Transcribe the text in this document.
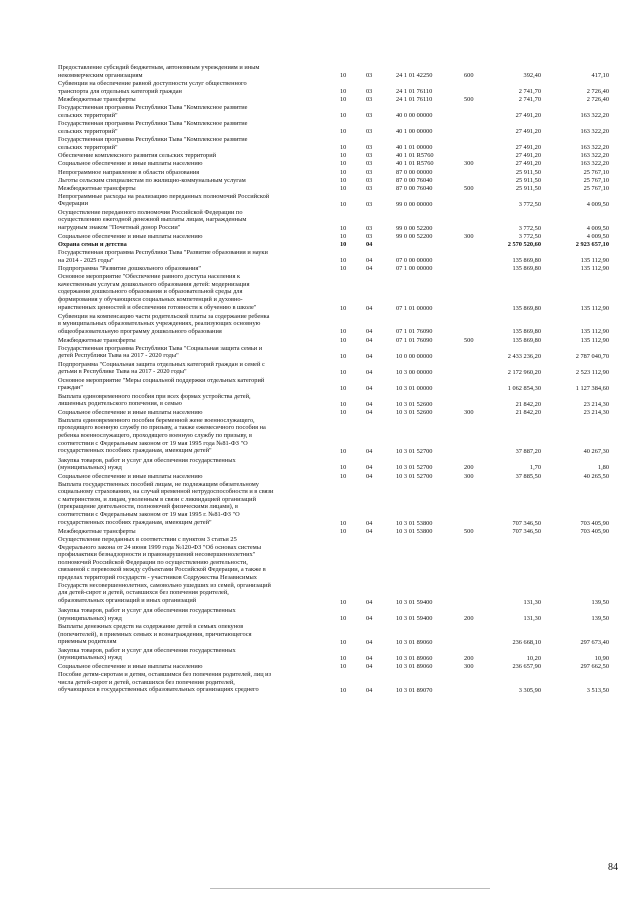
Предоставление субсидий бюджетным, автономным учреждениям и иным
некоммерческим организациям	10	03	24 1 01 42250	600	392,40	417,10
Субвенции на обеспечение равной доступности услуг общественного
транспорта для отдельных категорий граждан	10	03	24 1 01 76110	2 741,70	2 726,40
Межбюджетные трансферты	10	03	24 1 01 76110	500	2 741,70	2 726,40
Государственная программа Республики Тыва "Комплексное развитие
сельских территорий"	10	03	40 0 00 00000	27 491,20	163 322,20
Государственная программа Республики Тыва "Комплексное развитие
сельских территорий"	10	03	40 1 00 00000	27 491,20	163 322,20
Государственная программа Республики Тыва "Комплексное развитие
сельских территорий"	10	03	40 1 01 00000	27 491,20	163 322,20
Обеспечение комплексного развития сельских территорий	10	03	40 1 01 R5760	27 491,20	163 322,20
Социальное обеспечение и иные выплаты населению	10	03	40 1 01 R5760	300	27 491,20	163 322,20
Непрограммное направление в области образования	10	03	87 0 00 00000	25 911,50	25 767,10
Льготы сельским специалистам по жилищно-коммунальным услугам	10	03	87 0 00 76040	25 911,50	25 767,10
Межбюджетные трансферты	10	03	87 0 00 76040	500	25 911,50	25 767,10
Непрограммные расходы на реализацию переданных полномочий Российской
Федерации	10	03	99 0 00 00000	3 772,50	4 009,50
Осуществление переданного полномочия Российской Федерации по
осуществлению ежегодной денежной выплаты лицам, награжденным
нагрудным знаком "Почетный донор России"	10	03	99 0 00 52200	3 772,50	4 009,50
Социальное обеспечение и иные выплаты населению	10	03	99 0 00 52200	300	3 772,50	4 009,50
Охрана семьи и детства	10	04	2 570 520,60	2 923 657,10
Государственная программа Республики Тыва "Развитие образования и науки
на 2014 - 2025 годы"	10	04	07 0 00 00000	135 869,80	135 112,90
Подпрограмма "Развитие дошкольного образования"	10	04	07 1 00 00000	135 869,80	135 112,90
Основное мероприятие "Обеспечение равного доступа населения к
качественным услугам дошкольного образования детей: модернизация
содержания дошкольного образования и образовательной среды для
формирования у обучающихся социальных компетенций и духовно-
нравственных ценностей и обеспечения готовности к обучению в школе"	10	04	07 1 01 00000	135 869,80	135 112,90
Субвенции на компенсацию части родительской платы за содержание ребенка
в муниципальных образовательных учреждениях, реализующих основную
общеобразовательную программу дошкольного образования	10	04	07 1 01 76090	135 869,80	135 112,90
Межбюджетные трансферты	10	04	07 1 01 76090	500	135 869,80	135 112,90
Государственная программа Республики Тыва "Социальная защита семьи и
детей Республики Тыва на 2017 - 2020 годы"	10	04	10 0 00 00000	2 433 236,20	2 787 040,70
Подпрограмма "Социальная защита отдельных категорий граждан и семей с
детьми в Республике Тыва на 2017 - 2020 годы"	10	04	10 3 00 00000	2 172 960,20	2 523 112,90
Основное мероприятие "Меры социальной поддержки отдельных категорий
граждан"	10	04	10 3 01 00000	1 062 854,30	1 127 384,60
Выплата единовременного пособия при всех формах устройства детей,
лишенных родительского попечения, в семью	10	04	10 3 01 52600	21 842,20	23 214,30
Социальное обеспечение и иные выплаты населению	10	04	10 3 01 52600	300	21 842,20	23 214,30
Выплата единовременного пособия беременной жене военнослужащего,
проходящего военную службу по призыву, а также ежемесячного пособия на
ребенка военнослужащего, проходящего военную службу по призыву, в
соответствии с Федеральным законом от 19 мая 1995 года №81-ФЗ "О
государственных пособиях гражданам, имеющим детей"	10	04	10 3 01 52700	37 887,20	40 267,30
Закупка товаров, работ и услуг для обеспечения государственных
(муниципальных) нужд	10	04	10 3 01 52700	200	1,70	1,80
Социальное обеспечение и иные выплаты населению	10	04	10 3 01 52700	300	37 885,50	40 265,50
Выплата государственных пособий лицам, не подлежащим обязательному
социальному страхованию, на случай временной нетрудоспособности и в связи
с материнством, и лицам, уволенным в связи с ликвидацией организаций
(прекращение деятельности, полномочий физическими лицами), в
соответствии с Федеральным законом от 19 мая 1995 г. №81-ФЗ "О
государственных пособиях гражданам, имеющим детей"	10	04	10 3 01 53800	707 346,50	703 405,90
Межбюджетные трансферты	10	04	10 3 01 53800	500	707 346,50	703 405,90
Осуществление переданных в соответствии с пунктом 3 статьи 25
Федерального закона от 24 июня 1999 года №120-ФЗ "Об основах системы
профилактики безнадзорности и правонарушений несовершеннолетних"
полномочий Российской Федерации по осуществлению деятельности,
связанной с перевозкой между субъектами Российской Федерации, а также в
пределах территорий государств - участников Содружества Независимых
Государств несовершеннолетних, самовольно ушедших из семей, организаций
для детей-сирот и детей, оставшихся без попечения родителей,
образовательных организаций и иных организаций	10	04	10 3 01 59400	131,30	139,50
Закупка товаров, работ и услуг для обеспечения государственных
(муниципальных) нужд	10	04	10 3 01 59400	200	131,30	139,50
Выплаты денежных средств на содержание детей в семьях опекунов
(попечителей), в приемных семьях и вознаграждения, причитающегося
приемным родителям	10	04	10 3 01 89060	236 668,10	297 673,40
Закупка товаров, работ и услуг для обеспечения государственных
(муниципальных) нужд	10	04	10 3 01 89060	200	10,20	10,90
Социальное обеспечение и иные выплаты населению	10	04	10 3 01 89060	300	236 657,90	297 662,50
Пособие детям-сиротам и детям, оставшимся без попечения родителей, лиц из
числа детей-сирот и детей, оставшихся без попечения родителей,
обучающихся в государственных образовательных организациях среднего	10	04	10 3 01 89070	3 305,90	3 513,50
84
